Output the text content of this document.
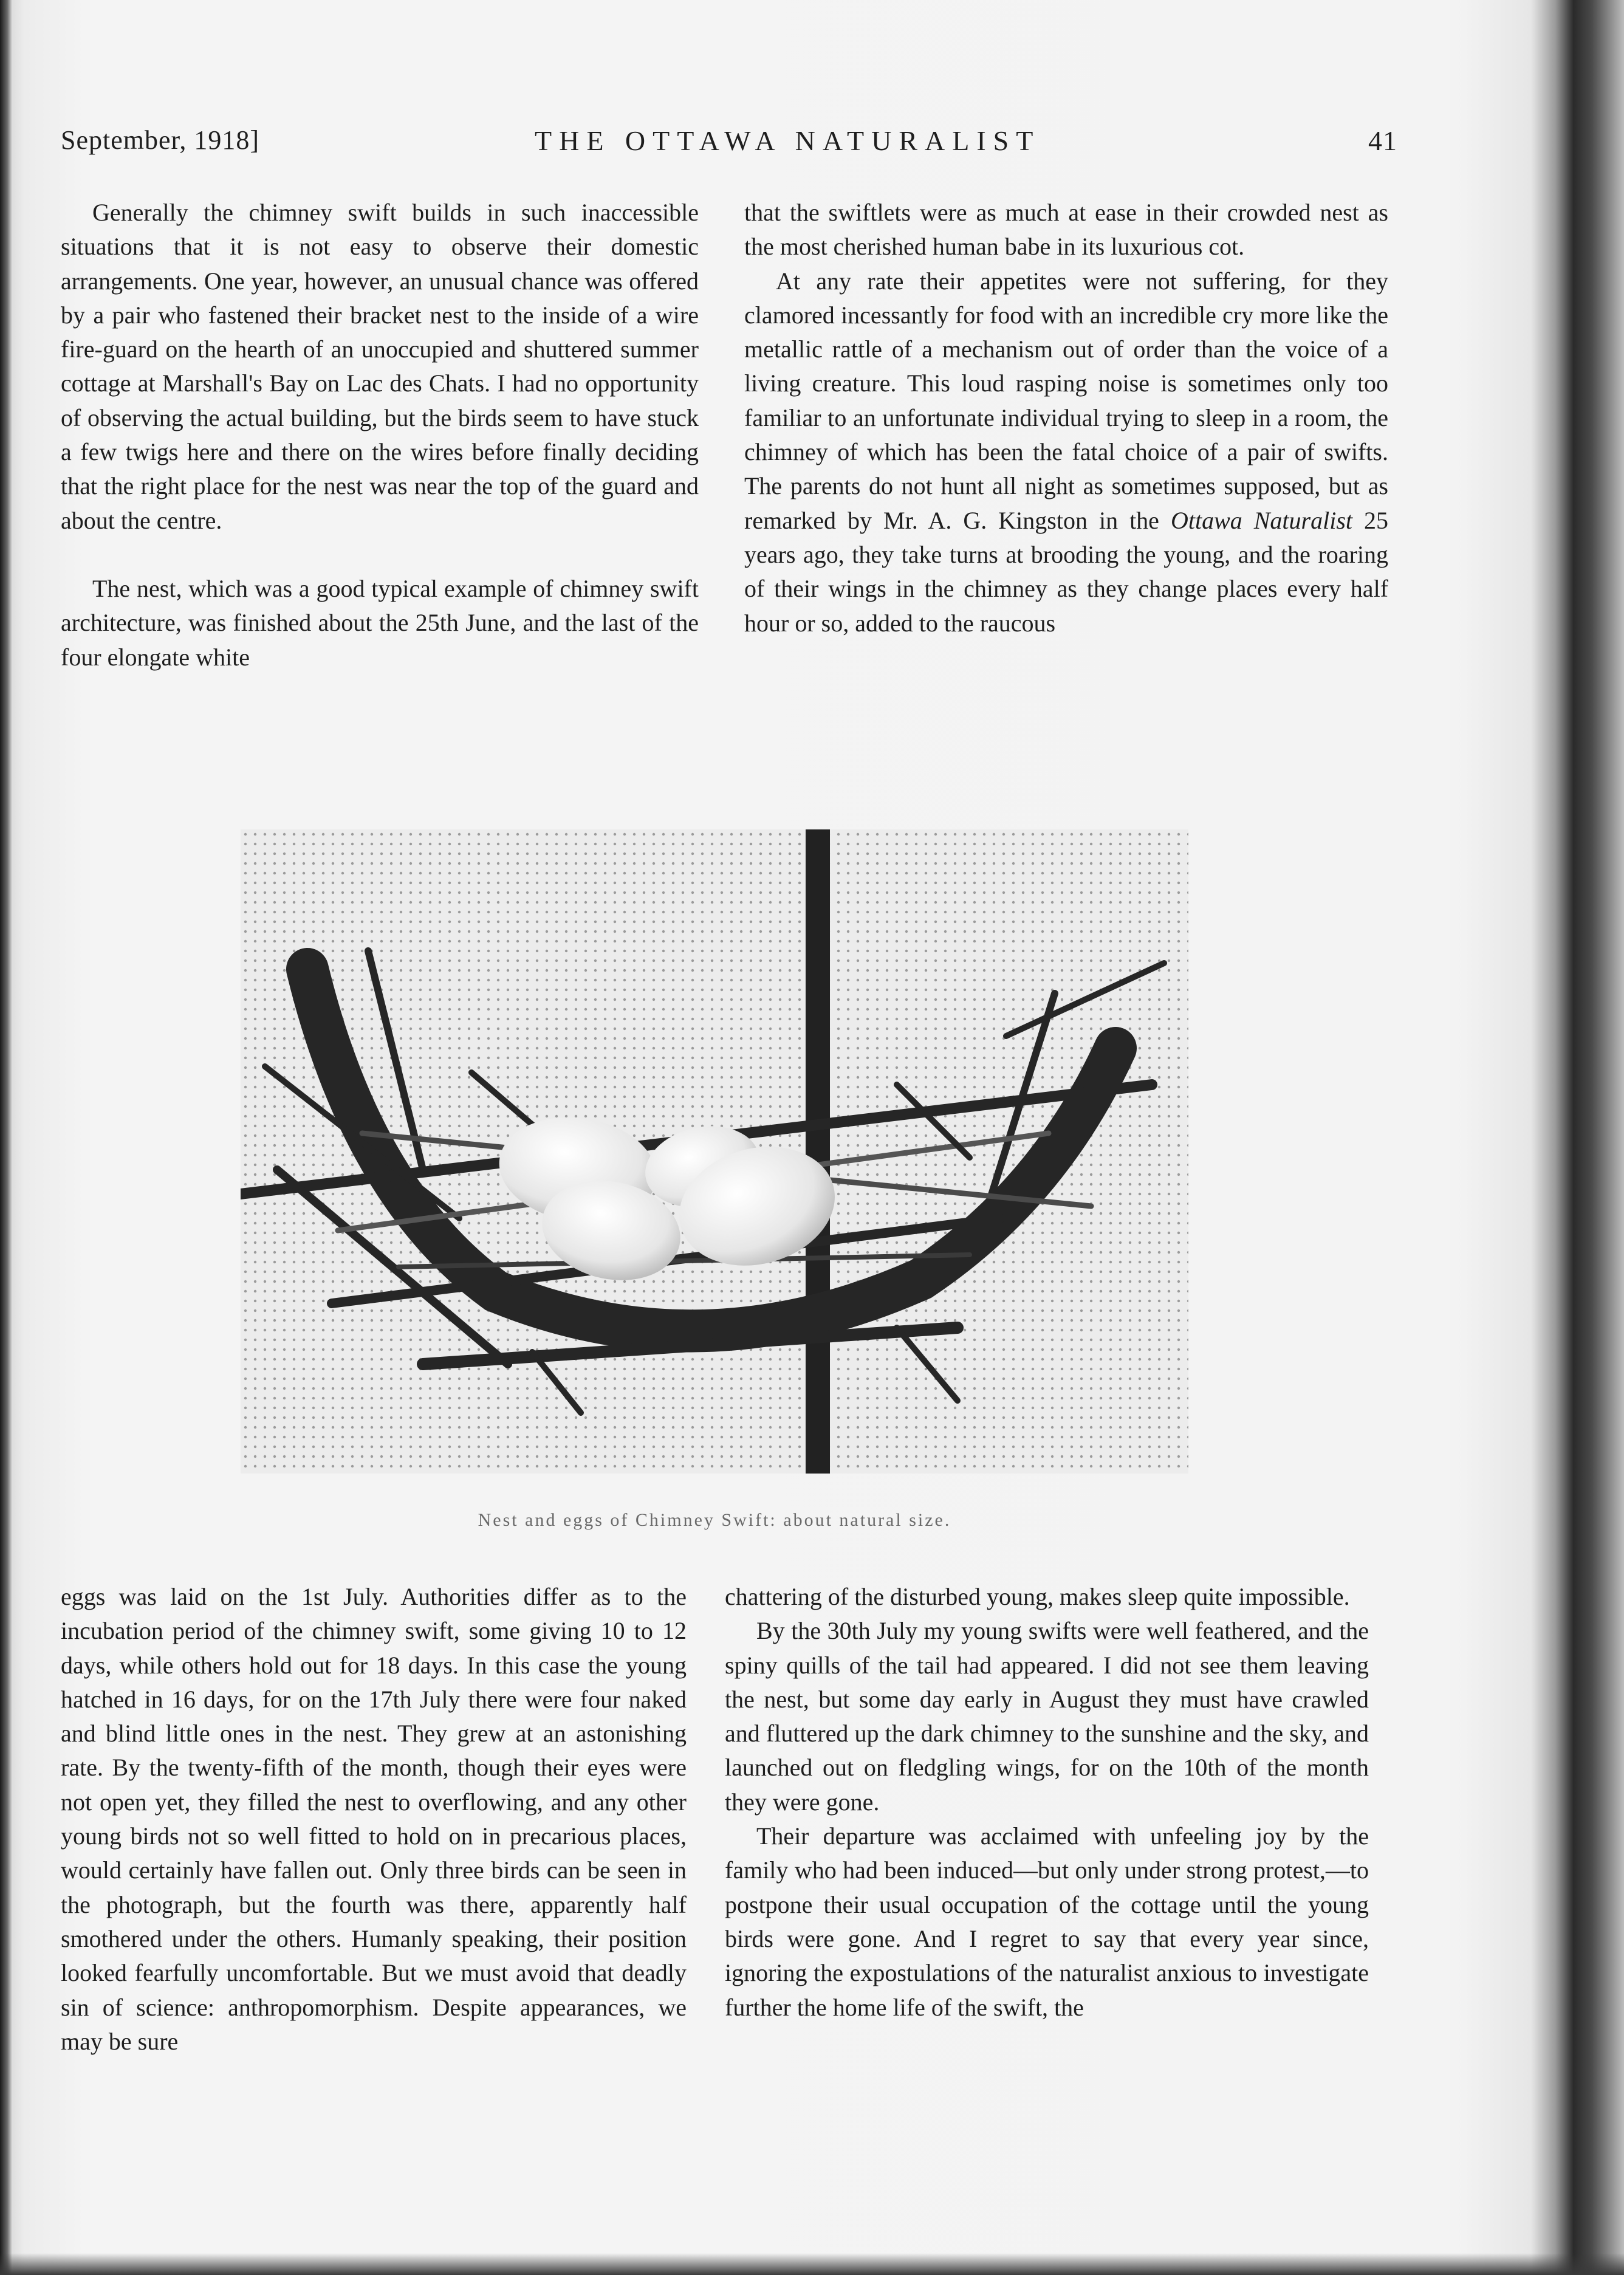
September, 1918]	THE OTTAWA NATURALIST	41

Generally the chimney swift builds in such inaccessible situations that it is not easy to observe their domestic arrangements. One year, however, an unusual chance was offered by a pair who fastened their bracket nest to the inside of a wire fire-guard on the hearth of an unoccupied and shuttered summer cottage at Marshall's Bay on Lac des Chats. I had no opportunity of observing the actual building, but the birds seem to have stuck a few twigs here and there on the wires before finally deciding that the right place for the nest was near the top of the guard and about the centre.

The nest, which was a good typical example of chimney swift architecture, was finished about the 25th June, and the last of the four elongate white

that the swiftlets were as much at ease in their crowded nest as the most cherished human babe in its luxurious cot.

At any rate their appetites were not suffering, for they clamored incessantly for food with an incredible cry more like the metallic rattle of a mechanism out of order than the voice of a living creature. This loud rasping noise is sometimes only too familiar to an unfortunate individual trying to sleep in a room, the chimney of which has been the fatal choice of a pair of swifts. The parents do not hunt all night as sometimes supposed, but as remarked by Mr. A. G. Kingston in the Ottawa Naturalist 25 years ago, they take turns at brooding the young, and the roaring of their wings in the chimney as they change places every half hour or so, added to the raucous

Nest and eggs of Chimney Swift: about natural size.

eggs was laid on the 1st July. Authorities differ as to the incubation period of the chimney swift, some giving 10 to 12 days, while others hold out for 18 days. In this case the young hatched in 16 days, for on the 17th July there were four naked and blind little ones in the nest. They grew at an astonishing rate. By the twenty-fifth of the month, though their eyes were not open yet, they filled the nest to overflowing, and any other young birds not so well fitted to hold on in precarious places, would certainly have fallen out. Only three birds can be seen in the photograph, but the fourth was there, apparently half smothered under the others. Humanly speaking, their position looked fearfully uncomfortable. But we must avoid that deadly sin of science: anthropomorphism. Despite appearances, we may be sure

chattering of the disturbed young, makes sleep quite impossible.

By the 30th July my young swifts were well feathered, and the spiny quills of the tail had appeared. I did not see them leaving the nest, but some day early in August they must have crawled and fluttered up the dark chimney to the sunshine and the sky, and launched out on fledgling wings, for on the 10th of the month they were gone.

Their departure was acclaimed with unfeeling joy by the family who had been induced—but only under strong protest,—to postpone their usual occupation of the cottage until the young birds were gone. And I regret to say that every year since, ignoring the expostulations of the naturalist anxious to investigate further the home life of the swift, the
